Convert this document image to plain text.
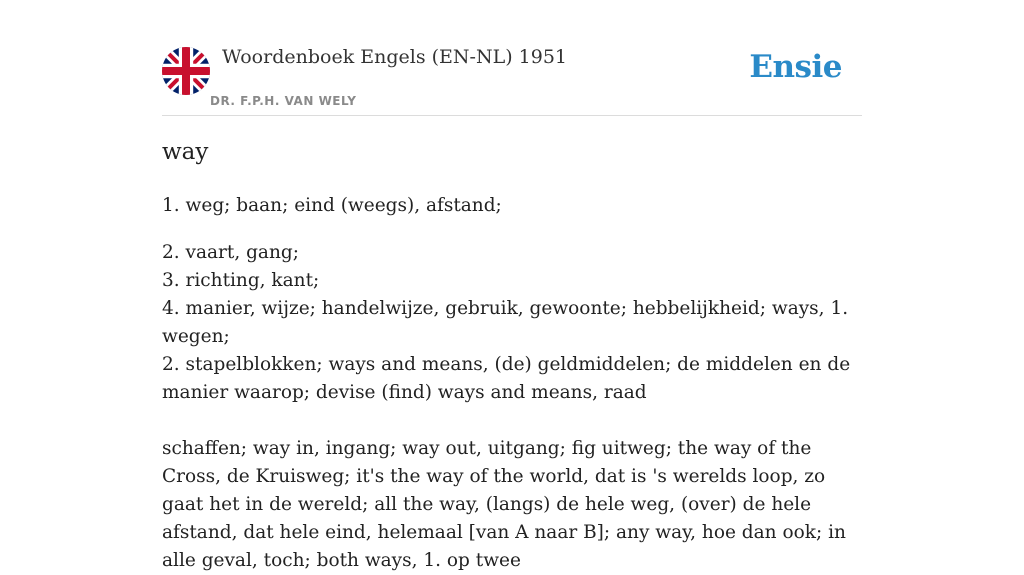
Woordenboek Engels (EN-NL) 1951
DR. F.P.H. VAN WELY
Ensie
way

1. weg; baan; eind (weegs), afstand;

2. vaart, gang;
3. richting, kant;
4. manier, wijze; handelwijze, gebruik, gewoonte; hebbelijkheid; ways, 1. wegen;
2. stapelblokken; ways and means, (de) geldmiddelen; de middelen en de manier waarop; devise (find) ways and means, raad

schaffen; way in, ingang; way out, uitgang; fig uitweg; the way of the Cross, de Kruisweg; it's the way of the world, dat is 's werelds loop, zo gaat het in de wereld; all the way, (langs) de hele weg, (over) de hele afstand, dat hele eind, helemaal [van A naar B]; any way, hoe dan ook; in alle geval, toch; both ways, 1. op twee
